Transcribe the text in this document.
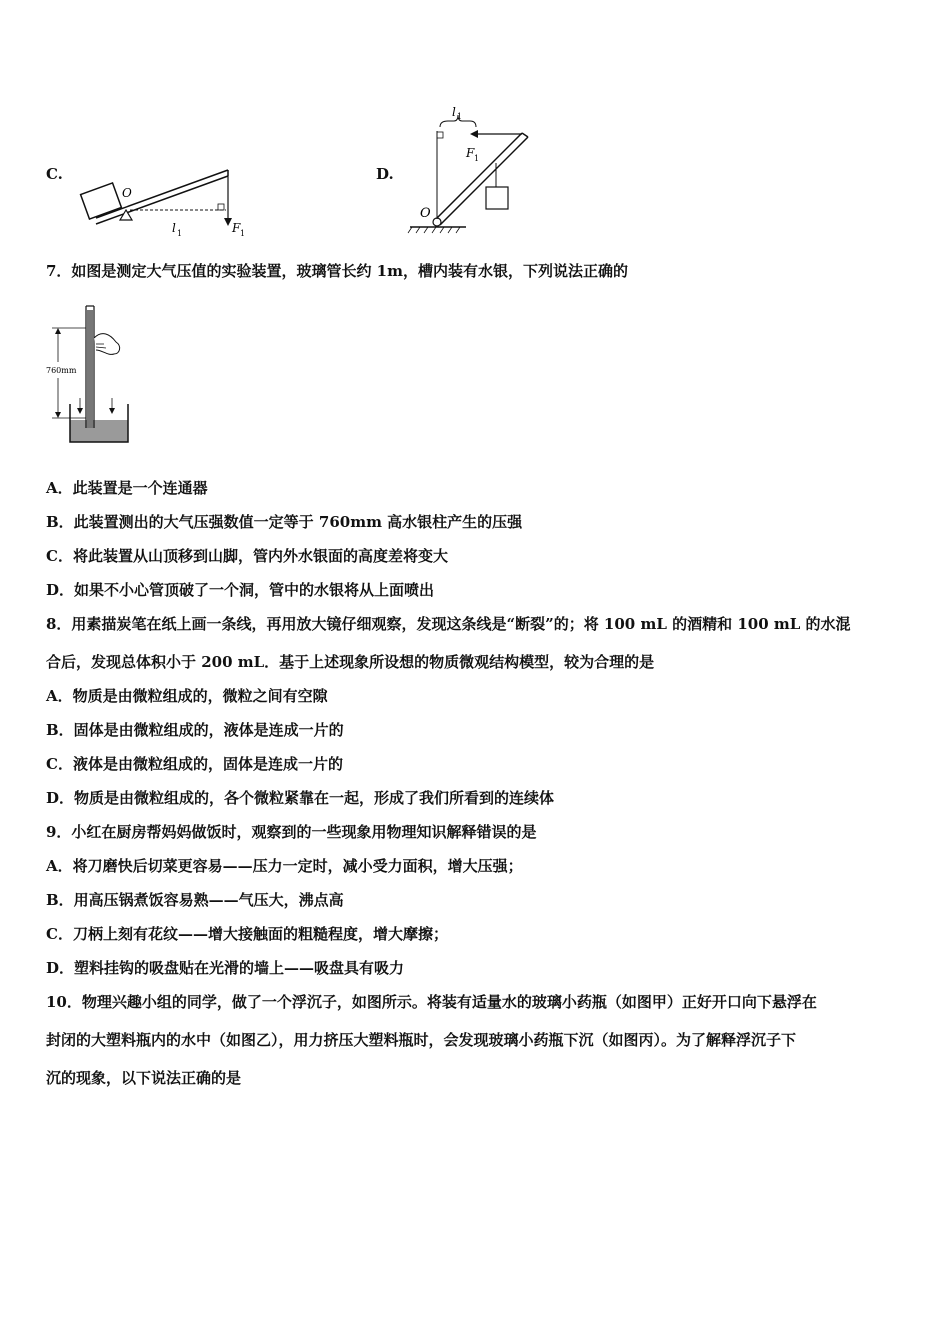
C.	D.
O
l 1	F 1
l 1
F 1
O
7．如图是测定大气压值的实验装置，玻璃管长约 1m，槽内装有水银，下列说法正确的
760mm
A．此装置是一个连通器
B．此装置测出的大气压强数值一定等于 760mm 高水银柱产生的压强
C．将此装置从山顶移到山脚，管内外水银面的高度差将变大
D．如果不小心管顶破了一个洞，管中的水银将从上面喷出
8．用素描炭笔在纸上画一条线，再用放大镜仔细观察，发现这条线是“断裂”的；将 100 mL 的酒精和 100 mL 的水混
合后，发现总体积小于 200 mL．基于上述现象所设想的物质微观结构模型，较为合理的是
A．物质是由微粒组成的，微粒之间有空隙
B．固体是由微粒组成的，液体是连成一片的
C．液体是由微粒组成的，固体是连成一片的
D．物质是由微粒组成的，各个微粒紧靠在一起，形成了我们所看到的连续体
9．小红在厨房帮妈妈做饭时，观察到的一些现象用物理知识解释错误的是
A．将刀磨快后切菜更容易——压力一定时，减小受力面积，增大压强；
B．用高压锅煮饭容易熟——气压大，沸点高
C．刀柄上刻有花纹——增大接触面的粗糙程度，增大摩擦；
D．塑料挂钩的吸盘贴在光滑的墙上——吸盘具有吸力
10．物理兴趣小组的同学，做了一个浮沉子，如图所示。将装有适量水的玻璃小药瓶（如图甲）正好开口向下悬浮在
封闭的大塑料瓶内的水中（如图乙），用力挤压大塑料瓶时，会发现玻璃小药瓶下沉（如图丙）。为了解释浮沉子下
沉的现象，以下说法正确的是
